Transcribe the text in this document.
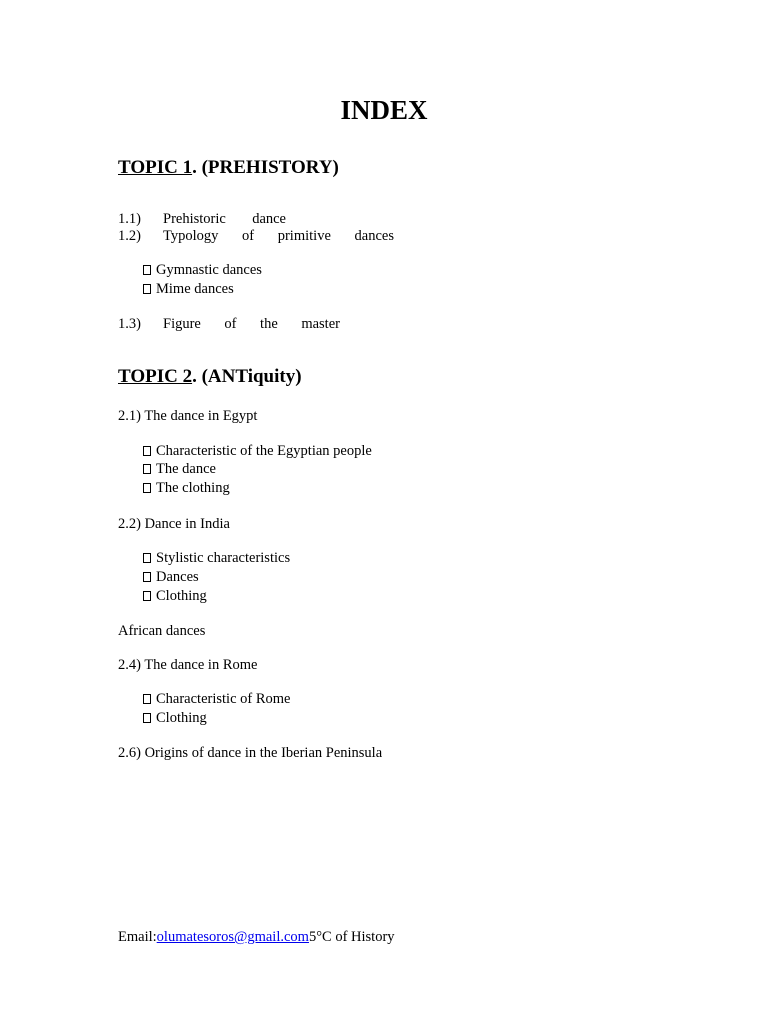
INDEX
TOPIC 1. (PREHISTORY)
1.1) Prehistoric dance
1.2) Typology of primitive dances
Gymnastic dances
Mime dances
1.3) Figure of the master
TOPIC 2. (ANTiquity)
2.1) The dance in Egypt
Characteristic of the Egyptian people
The dance
The clothing
2.2) Dance in India
Stylistic characteristics
Dances
Clothing
African dances
2.4) The dance in Rome
Characteristic of Rome
Clothing
2.6) Origins of dance in the Iberian Peninsula
Email:olumatesoros@gmail.com5°C of History
